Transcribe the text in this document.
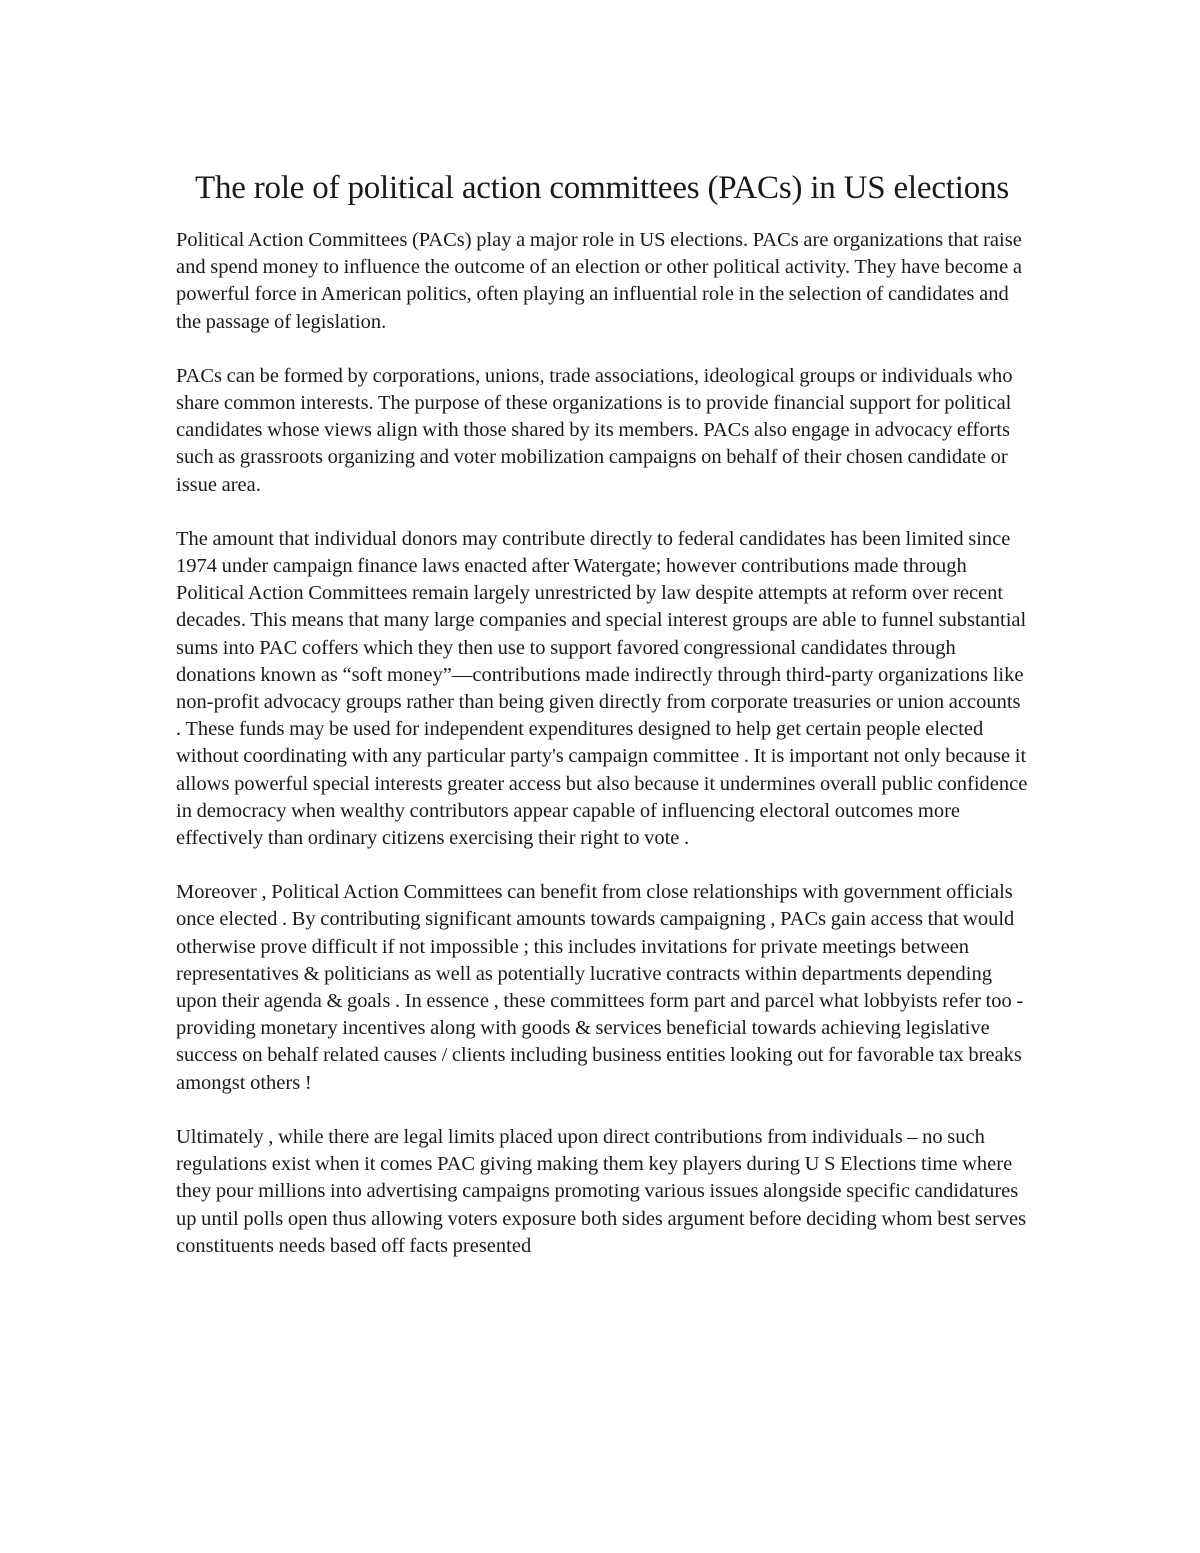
The role of political action committees (PACs) in US elections

Political Action Committees (PACs) play a major role in US elections. PACs are organizations that raise and spend money to influence the outcome of an election or other political activity. They have become a powerful force in American politics, often playing an influential role in the selection of candidates and the passage of legislation.

PACs can be formed by corporations, unions, trade associations, ideological groups or individuals who share common interests. The purpose of these organizations is to provide financial support for political candidates whose views align with those shared by its members. PACs also engage in advocacy efforts such as grassroots organizing and voter mobilization campaigns on behalf of their chosen candidate or issue area.

The amount that individual donors may contribute directly to federal candidates has been limited since 1974 under campaign finance laws enacted after Watergate; however contributions made through Political Action Committees remain largely unrestricted by law despite attempts at reform over recent decades. This means that many large companies and special interest groups are able to funnel substantial sums into PAC coffers which they then use to support favored congressional candidates through donations known as “soft money”—contributions made indirectly through third-party organizations like non-profit advocacy groups rather than being given directly from corporate treasuries or union accounts . These funds may be used for independent expenditures designed to help get certain people elected without coordinating with any particular party's campaign committee . It is important not only because it allows powerful special interests greater access but also because it undermines overall public confidence in democracy when wealthy contributors appear capable of influencing electoral outcomes more effectively than ordinary citizens exercising their right to vote .

Moreover , Political Action Committees can benefit from close relationships with government officials once elected . By contributing significant amounts towards campaigning , PACs gain access that would otherwise prove difficult if not impossible ; this includes invitations for private meetings between representatives & politicians as well as potentially lucrative contracts within departments depending upon their agenda & goals . In essence , these committees form part and parcel what lobbyists refer too - providing monetary incentives along with goods & services beneficial towards achieving legislative success on behalf related causes / clients including business entities looking out for favorable tax breaks amongst others !

Ultimately , while there are legal limits placed upon direct contributions from individuals – no such regulations exist when it comes PAC giving making them key players during U S Elections time where they pour millions into advertising campaigns promoting various issues alongside specific candidatures up until polls open thus allowing voters exposure both sides argument before deciding whom best serves constituents needs based off facts presented
